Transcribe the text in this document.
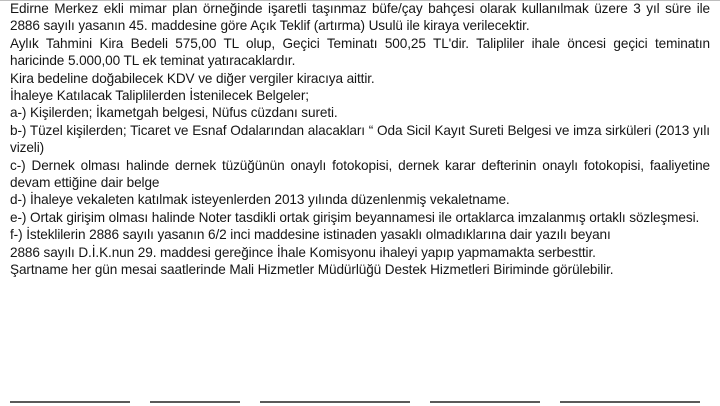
Edirne Merkez ekli mimar plan örneğinde işaretli taşınmaz büfe/çay bahçesi olarak kullanılmak üzere 3 yıl süre ile 2886 sayılı yasanın 45. maddesine göre Açık Teklif (artırma) Usulü ile kiraya verilecektir.

Aylık Tahmini Kira Bedeli 575,00 TL olup, Geçici Teminatı 500,25 TL'dir. Talipliler ihale öncesi geçici teminatın haricinde 5.000,00 TL ek teminat yatıracaklardır.

Kira bedeline doğabilecek KDV ve diğer vergiler kiracıya aittir.

İhaleye Katılacak Taliplilerden İstenilecek Belgeler;

a-) Kişilerden; İkametgah belgesi, Nüfus cüzdanı sureti.

b-) Tüzel kişilerden; Ticaret ve Esnaf Odalarından alacakları “ Oda Sicil Kayıt Sureti Belgesi ve imza sirküleri (2013 yılı vizeli)

c-) Dernek olması halinde dernek tüzüğünün onaylı fotokopisi, dernek karar defterinin onaylı fotokopisi, faaliyetine devam ettiğine dair belge

d-) İhaleye vekaleten katılmak isteyenlerden 2013 yılında düzenlenmiş vekaletname.

e-) Ortak girişim olması halinde Noter tasdikli ortak girişim beyannamesi ile ortaklarca imzalanmış ortaklı sözleşmesi.

f-) İsteklilerin 2886 sayılı yasanın 6/2 inci maddesine istinaden yasaklı olmadıklarına dair yazılı beyanı

2886 sayılı D.İ.K.nun 29. maddesi gereğince İhale Komisyonu ihaleyi yapıp yapmamakta serbesttir.

Şartname her gün mesai saatlerinde Mali Hizmetler Müdürlüğü Destek Hizmetleri Biriminde görülebilir.
